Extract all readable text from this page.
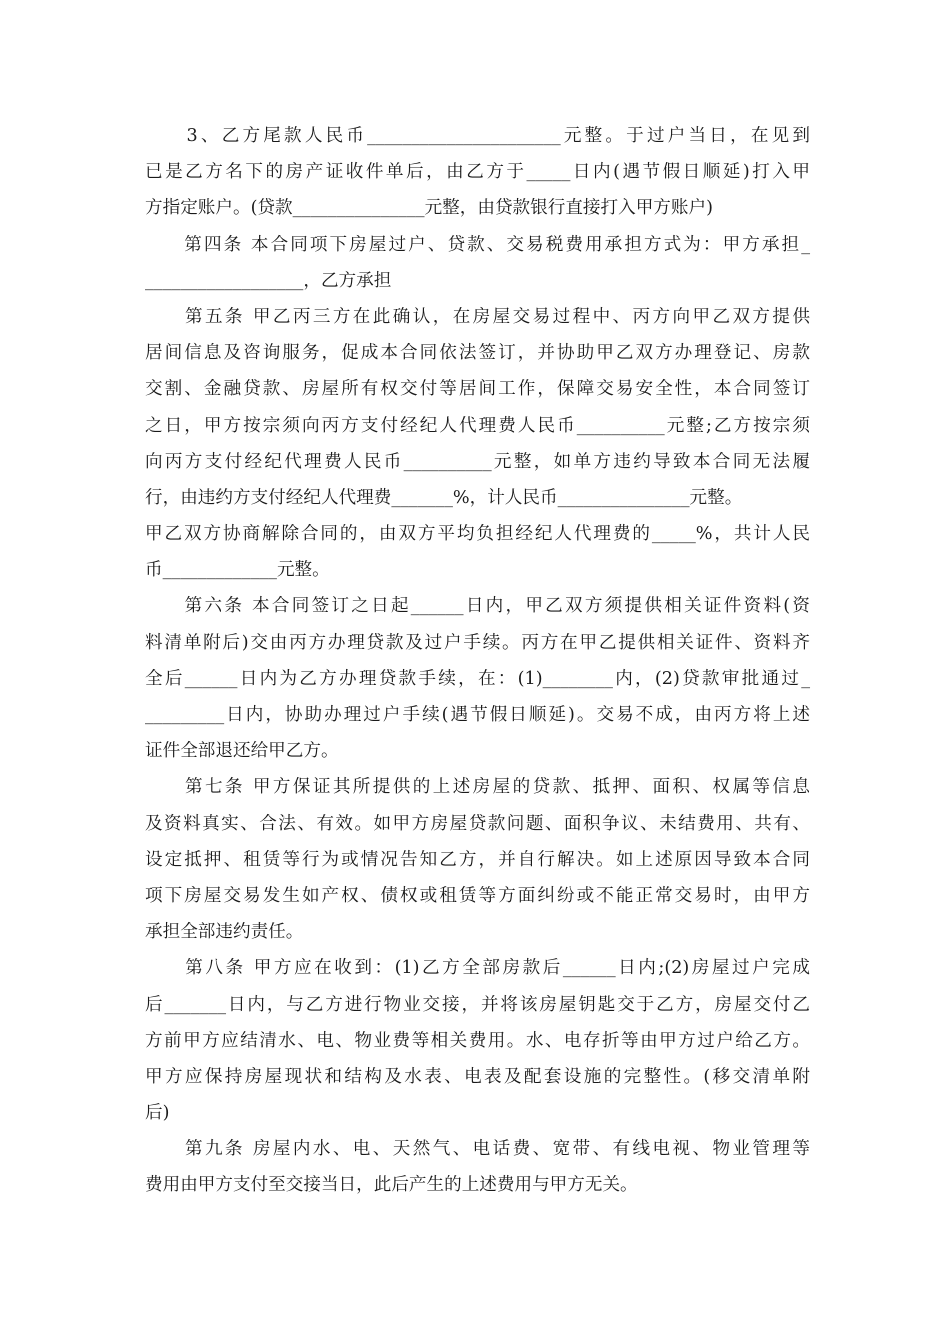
　　3、乙方尾款人民币______________________元整。于过户当日，在见到
已是乙方名下的房产证收件单后，由乙方于_____日内(遇节假日顺延)打入甲
方指定账户。(贷款_______________元整，由贷款银行直接打入甲方账户)
　　第四条 本合同项下房屋过户、贷款、交易税费用承担方式为：甲方承担_
__________________，乙方承担
　　第五条 甲乙丙三方在此确认，在房屋交易过程中、丙方向甲乙双方提供
居间信息及咨询服务，促成本合同依法签订，并协助甲乙双方办理登记、房款
交割、金融贷款、房屋所有权交付等居间工作，保障交易安全性，本合同签订
之日，甲方按宗须向丙方支付经纪人代理费人民币__________元整;乙方按宗须
向丙方支付经纪代理费人民币__________元整，如单方违约导致本合同无法履
行，由违约方支付经纪人代理费_______%，计人民币_______________元整。
甲乙双方协商解除合同的，由双方平均负担经纪人代理费的_____%，共计人民
币_____________元整。
　　第六条 本合同签订之日起______日内，甲乙双方须提供相关证件资料(资
料清单附后)交由丙方办理贷款及过户手续。丙方在甲乙提供相关证件、资料齐
全后______日内为乙方办理贷款手续，在：(1)________内，(2)贷款审批通过_
_________日内，协助办理过户手续(遇节假日顺延)。交易不成，由丙方将上述
证件全部退还给甲乙方。
　　第七条 甲方保证其所提供的上述房屋的贷款、抵押、面积、权属等信息
及资料真实、合法、有效。如甲方房屋贷款问题、面积争议、未结费用、共有、
设定抵押、租赁等行为或情况告知乙方，并自行解决。如上述原因导致本合同
项下房屋交易发生如产权、债权或租赁等方面纠纷或不能正常交易时，由甲方
承担全部违约责任。
　　第八条 甲方应在收到：(1)乙方全部房款后______日内;(2)房屋过户完成
后_______日内，与乙方进行物业交接，并将该房屋钥匙交于乙方，房屋交付乙
方前甲方应结清水、电、物业费等相关费用。水、电存折等由甲方过户给乙方。
甲方应保持房屋现状和结构及水表、电表及配套设施的完整性。(移交清单附
后)
　　第九条 房屋内水、电、天然气、电话费、宽带、有线电视、物业管理等
费用由甲方支付至交接当日，此后产生的上述费用与甲方无关。
